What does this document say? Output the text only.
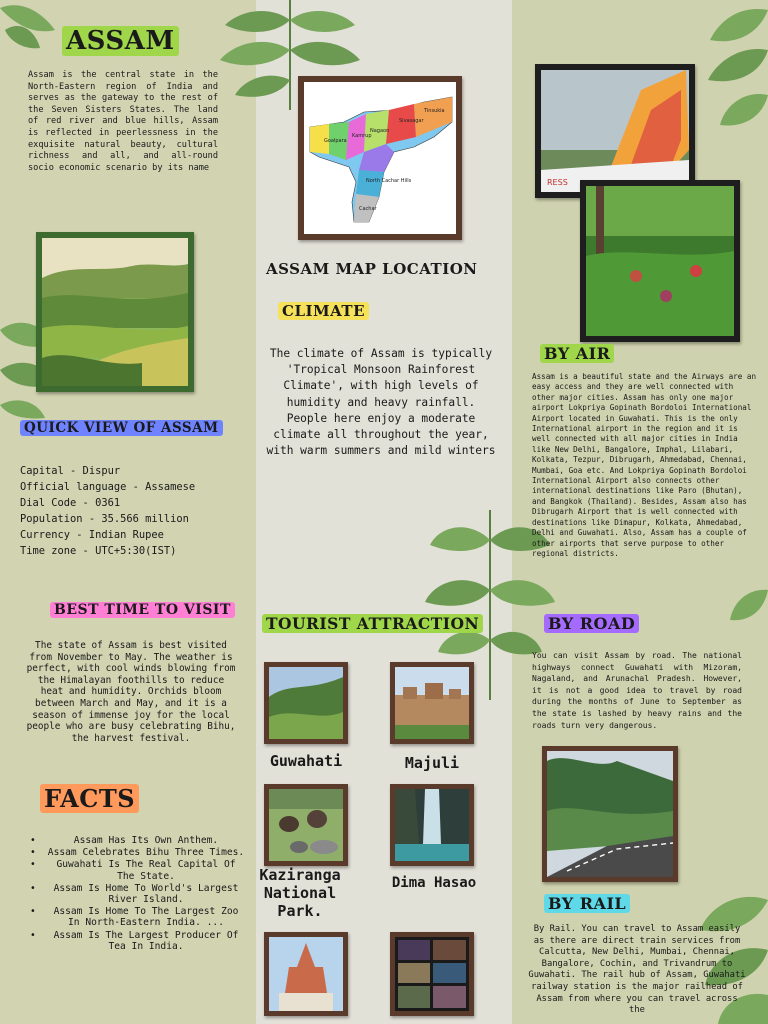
ASSAM
Assam is the central state in the North-Eastern region of India and serves as the gateway to the rest of the Seven Sisters States. The land of red river and blue hills, Assam is reflected in peerlessness in the exquisite natural beauty, cultural richness and all, and all-round socio economic scenario by its name
QUICK VIEW OF ASSAM
Capital - Dispur
Official language - Assamese
Dial Code - 0361
Population - 35.566 million
Currency - Indian Rupee
Time zone - UTC+5:30(IST)
BEST TIME TO VISIT
The state of Assam is best visited from November to May. The weather is perfect, with cool winds blowing from the Himalayan foothills to reduce heat and humidity. Orchids bloom between March and May, and it is a season of immense joy for the local people who are busy celebrating Bihu, the harvest festival.
FACTS
• Assam Has Its Own Anthem.
• Assam Celebrates Bihu Three Times.
• Guwahati Is The Real Capital Of The State.
• Assam Is Home To World's Largest River Island.
• Assam Is Home To The Largest Zoo In North-Eastern India. ...
• Assam Is The Largest Producer Of Tea In India.
Goalpara
Kamrup
Nagaon
Sivasagar
Tinsukia
North Cachar Hills
Cachar
ASSAM MAP LOCATION
CLIMATE
The climate of Assam is typically 'Tropical Monsoon Rainforest Climate', with high levels of humidity and heavy rainfall. People here enjoy a moderate climate all throughout the year, with warm summers and mild winters
TOURIST ATTRACTION
Guwahati	Majuli
Kaziranga National Park.
Dima Hasao
RESS
BY AIR
Assam is a beautiful state and the Airways are an easy access and they are well connected with other major cities. Assam has only one major airport Lokpriya Gopinath Bordoloi International Airport located in Guwahati. This is the only International airport in the region and it is well connected with all major cities in India like New Delhi, Bangalore, Imphal, Lilabari, Kolkata, Tezpur, Dibrugarh, Ahmedabad, Chennai, Mumbai, Goa etc. And Lokpriya Gopinath Bordoloi International Airport also connects other international destinations like Paro (Bhutan), and Bangkok (Thailand). Besides, Assam also has Dibrugarh Airport that is well connected with destinations like Dimapur, Kolkata, Ahmedabad, Delhi and Guwahati. Also, Assam has a couple of other airports that serve purpose to other regional districts.
BY ROAD
You can visit Assam by road. The national highways connect Guwahati with Mizoram, Nagaland, and Arunachal Pradesh. However, it is not a good idea to travel by road during the months of June to September as the state is lashed by heavy rains and the roads turn very dangerous.
BY RAIL
By Rail. You can travel to Assam easily as there are direct train services from Calcutta, New Delhi, Mumbai, Chennai, Bangalore, Cochin, and Trivandrum to Guwahati. The rail hub of Assam, Guwahati railway station is the major railhead of Assam from where you can travel across the
